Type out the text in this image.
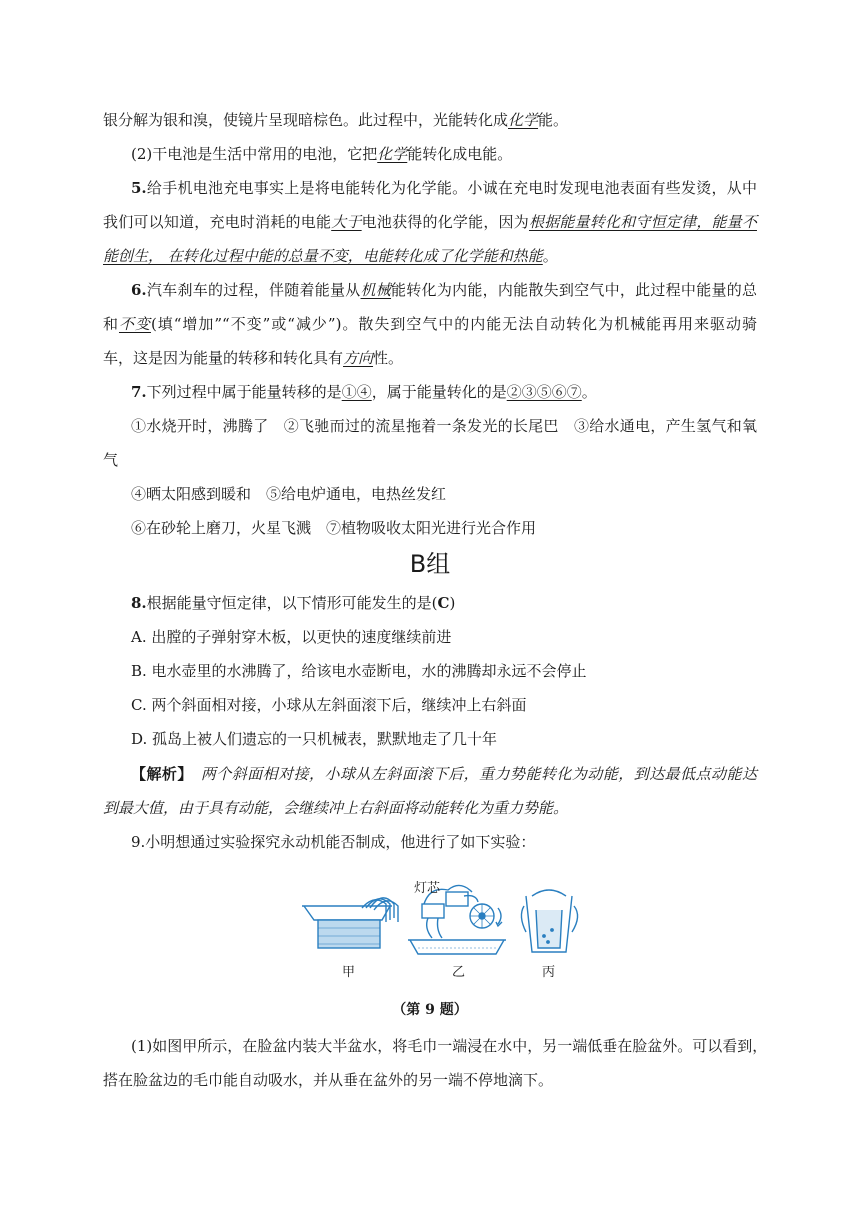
银分解为银和溴，使镜片呈现暗棕色。此过程中，光能转化成化学能。
(2)干电池是生活中常用的电池，它把化学能转化成电能。
5.给手机电池充电事实上是将电能转化为化学能。小诚在充电时发现电池表面有些发烫，从中
我们可以知道，充电时消耗的电能大于电池获得的化学能，因为根据能量转化和守恒定律，能量不
能创生， 在转化过程中能的总量不变，电能转化成了化学能和热能。
6.汽车刹车的过程，伴随着能量从机械能转化为内能，内能散失到空气中，此过程中能量的总
和不变(填“增加”“不变”或“减少”)。散失到空气中的内能无法自动转化为机械能再用来驱动骑
车，这是因为能量的转移和转化具有方向性。
7.下列过程中属于能量转移的是①④，属于能量转化的是②③⑤⑥⑦。
①水烧开时，沸腾了　②飞驰而过的流星拖着一条发光的长尾巴　③给水通电，产生氢气和氧
气
④晒太阳感到暖和　⑤给电炉通电，电热丝发红
⑥在砂轮上磨刀，火星飞溅　⑦植物吸收太阳光进行光合作用
B组
8.根据能量守恒定律，以下情形可能发生的是(C)
A. 出膛的子弹射穿木板，以更快的速度继续前进
B. 电水壶里的水沸腾了，给该电水壶断电，水的沸腾却永远不会停止
C. 两个斜面相对接，小球从左斜面滚下后，继续冲上右斜面
D. 孤岛上被人们遗忘的一只机械表，默默地走了几十年
【解析】　两个斜面相对接，小球从左斜面滚下后，重力势能转化为动能，到达最低点动能达
到最大值，由于具有动能，会继续冲上右斜面将动能转化为重力势能。
9.小明想通过实验探究永动机能否制成，他进行了如下实验：
灯芯
甲	乙	丙
（第 9 题）
(1)如图甲所示，在脸盆内装大半盆水，将毛巾一端浸在水中，另一端低垂在脸盆外。可以看到，
搭在脸盆边的毛巾能自动吸水，并从垂在盆外的另一端不停地滴下。
